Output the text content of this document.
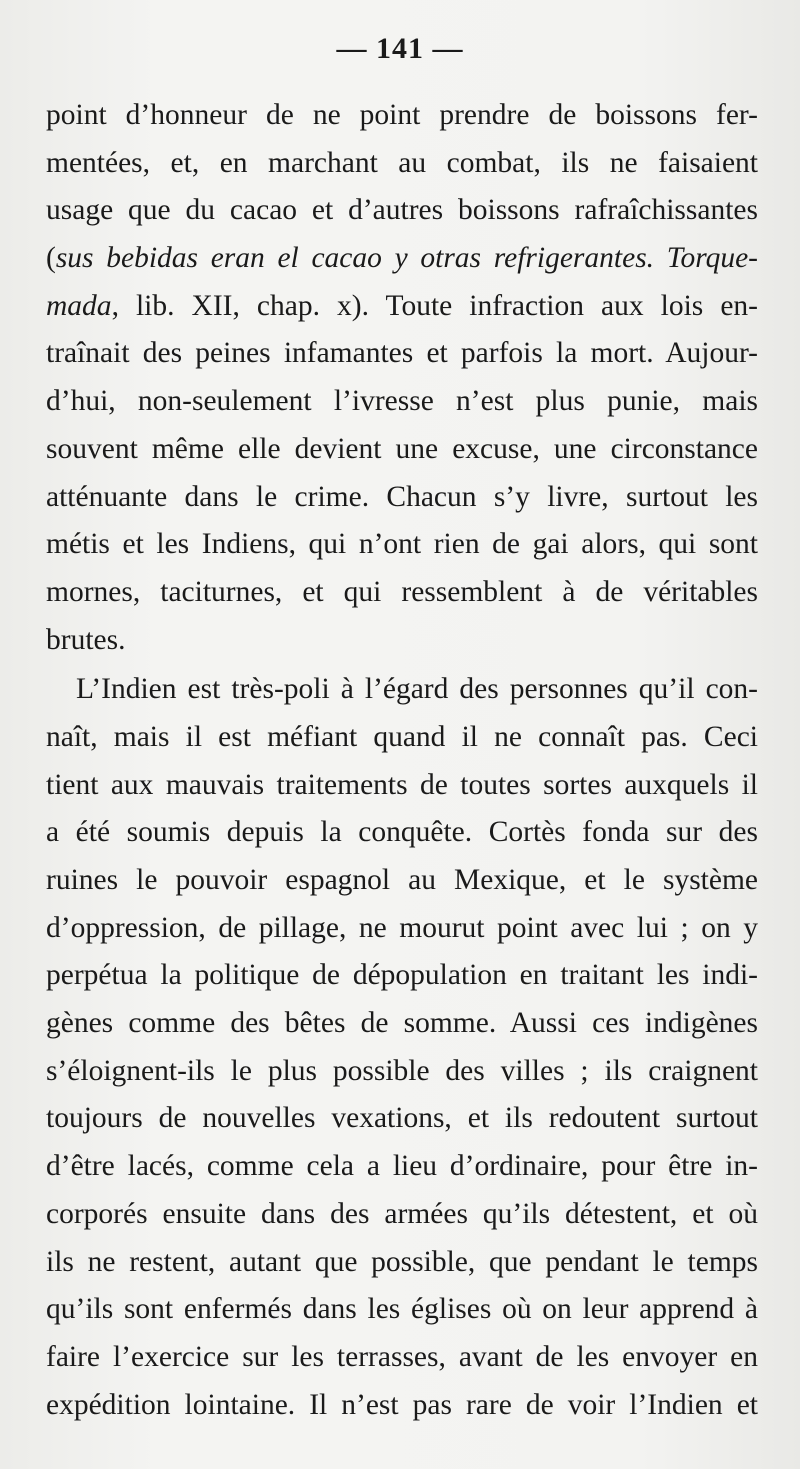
— 141 —
point d’honneur de ne point prendre de boissons fer-
mentées, et, en marchant au combat, ils ne faisaient
usage que du cacao et d’autres boissons rafraîchissantes
(sus bebidas eran el cacao y otras refrigerantes. Torque-
mada, lib. XII, chap. x). Toute infraction aux lois en-
traînait des peines infamantes et parfois la mort. Aujour-
d’hui, non-seulement l’ivresse n’est plus punie, mais
souvent même elle devient une excuse, une circonstance
atténuante dans le crime. Chacun s’y livre, surtout les
métis et les Indiens, qui n’ont rien de gai alors, qui sont
mornes, taciturnes, et qui ressemblent à de véritables
brutes.
L’Indien est très-poli à l’égard des personnes qu’il con-
naît, mais il est méfiant quand il ne connaît pas. Ceci
tient aux mauvais traitements de toutes sortes auxquels il
a été soumis depuis la conquête. Cortès fonda sur des
ruines le pouvoir espagnol au Mexique, et le système
d’oppression, de pillage, ne mourut point avec lui ; on y
perpétua la politique de dépopulation en traitant les indi-
gènes comme des bêtes de somme. Aussi ces indigènes
s’éloignent-ils le plus possible des villes ; ils craignent
toujours de nouvelles vexations, et ils redoutent surtout
d’être lacés, comme cela a lieu d’ordinaire, pour être in-
corporés ensuite dans des armées qu’ils détestent, et où
ils ne restent, autant que possible, que pendant le temps
qu’ils sont enfermés dans les églises où on leur apprend à
faire l’exercice sur les terrasses, avant de les envoyer en
expédition lointaine. Il n’est pas rare de voir l’Indien et
